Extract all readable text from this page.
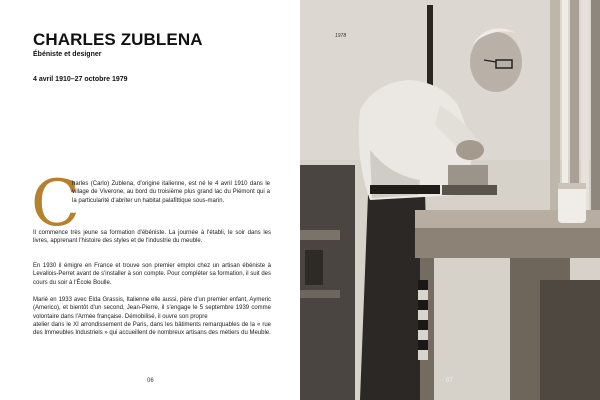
CHARLES ZUBLENA
Ébéniste et designer
4 avril 1910–27 octobre 1979
C
harles (Carlo) Zublena, d'origine italienne, est né le 4 avril 1910 dans le village de Viverone, au bord du troisième plus grand lac du Piémont qui a la particularité d'abriter un habitat palafittique sous-marin.
Il commence très jeune sa formation d'ébéniste. La journée à l'établi, le soir dans les livres, apprenant l'histoire des styles et de l'industrie du meuble.
En 1930 il émigre en France et trouve son premier emploi chez un artisan ébéniste à Levallois-Perret avant de s'installer à son compte. Pour compléter sa formation, il suit des cours du soir à l'École Boulle.
Marié en 1933 avec Elda Grassis, Italienne elle aussi, père d'un premier enfant, Aymeric (Americo), et bientôt d'un second, Jean-Pierre, il s'engage le 5 septembre 1939 comme volontaire dans l'Armée française. Démobilisé, il ouvre son propre
atelier dans le XI arrondissement de Paris, dans les bâtiments remarquables de la « rue des Immeubles Industriels » qui accueillent de nombreux artisans des métiers du Meuble.
06
1978
07
